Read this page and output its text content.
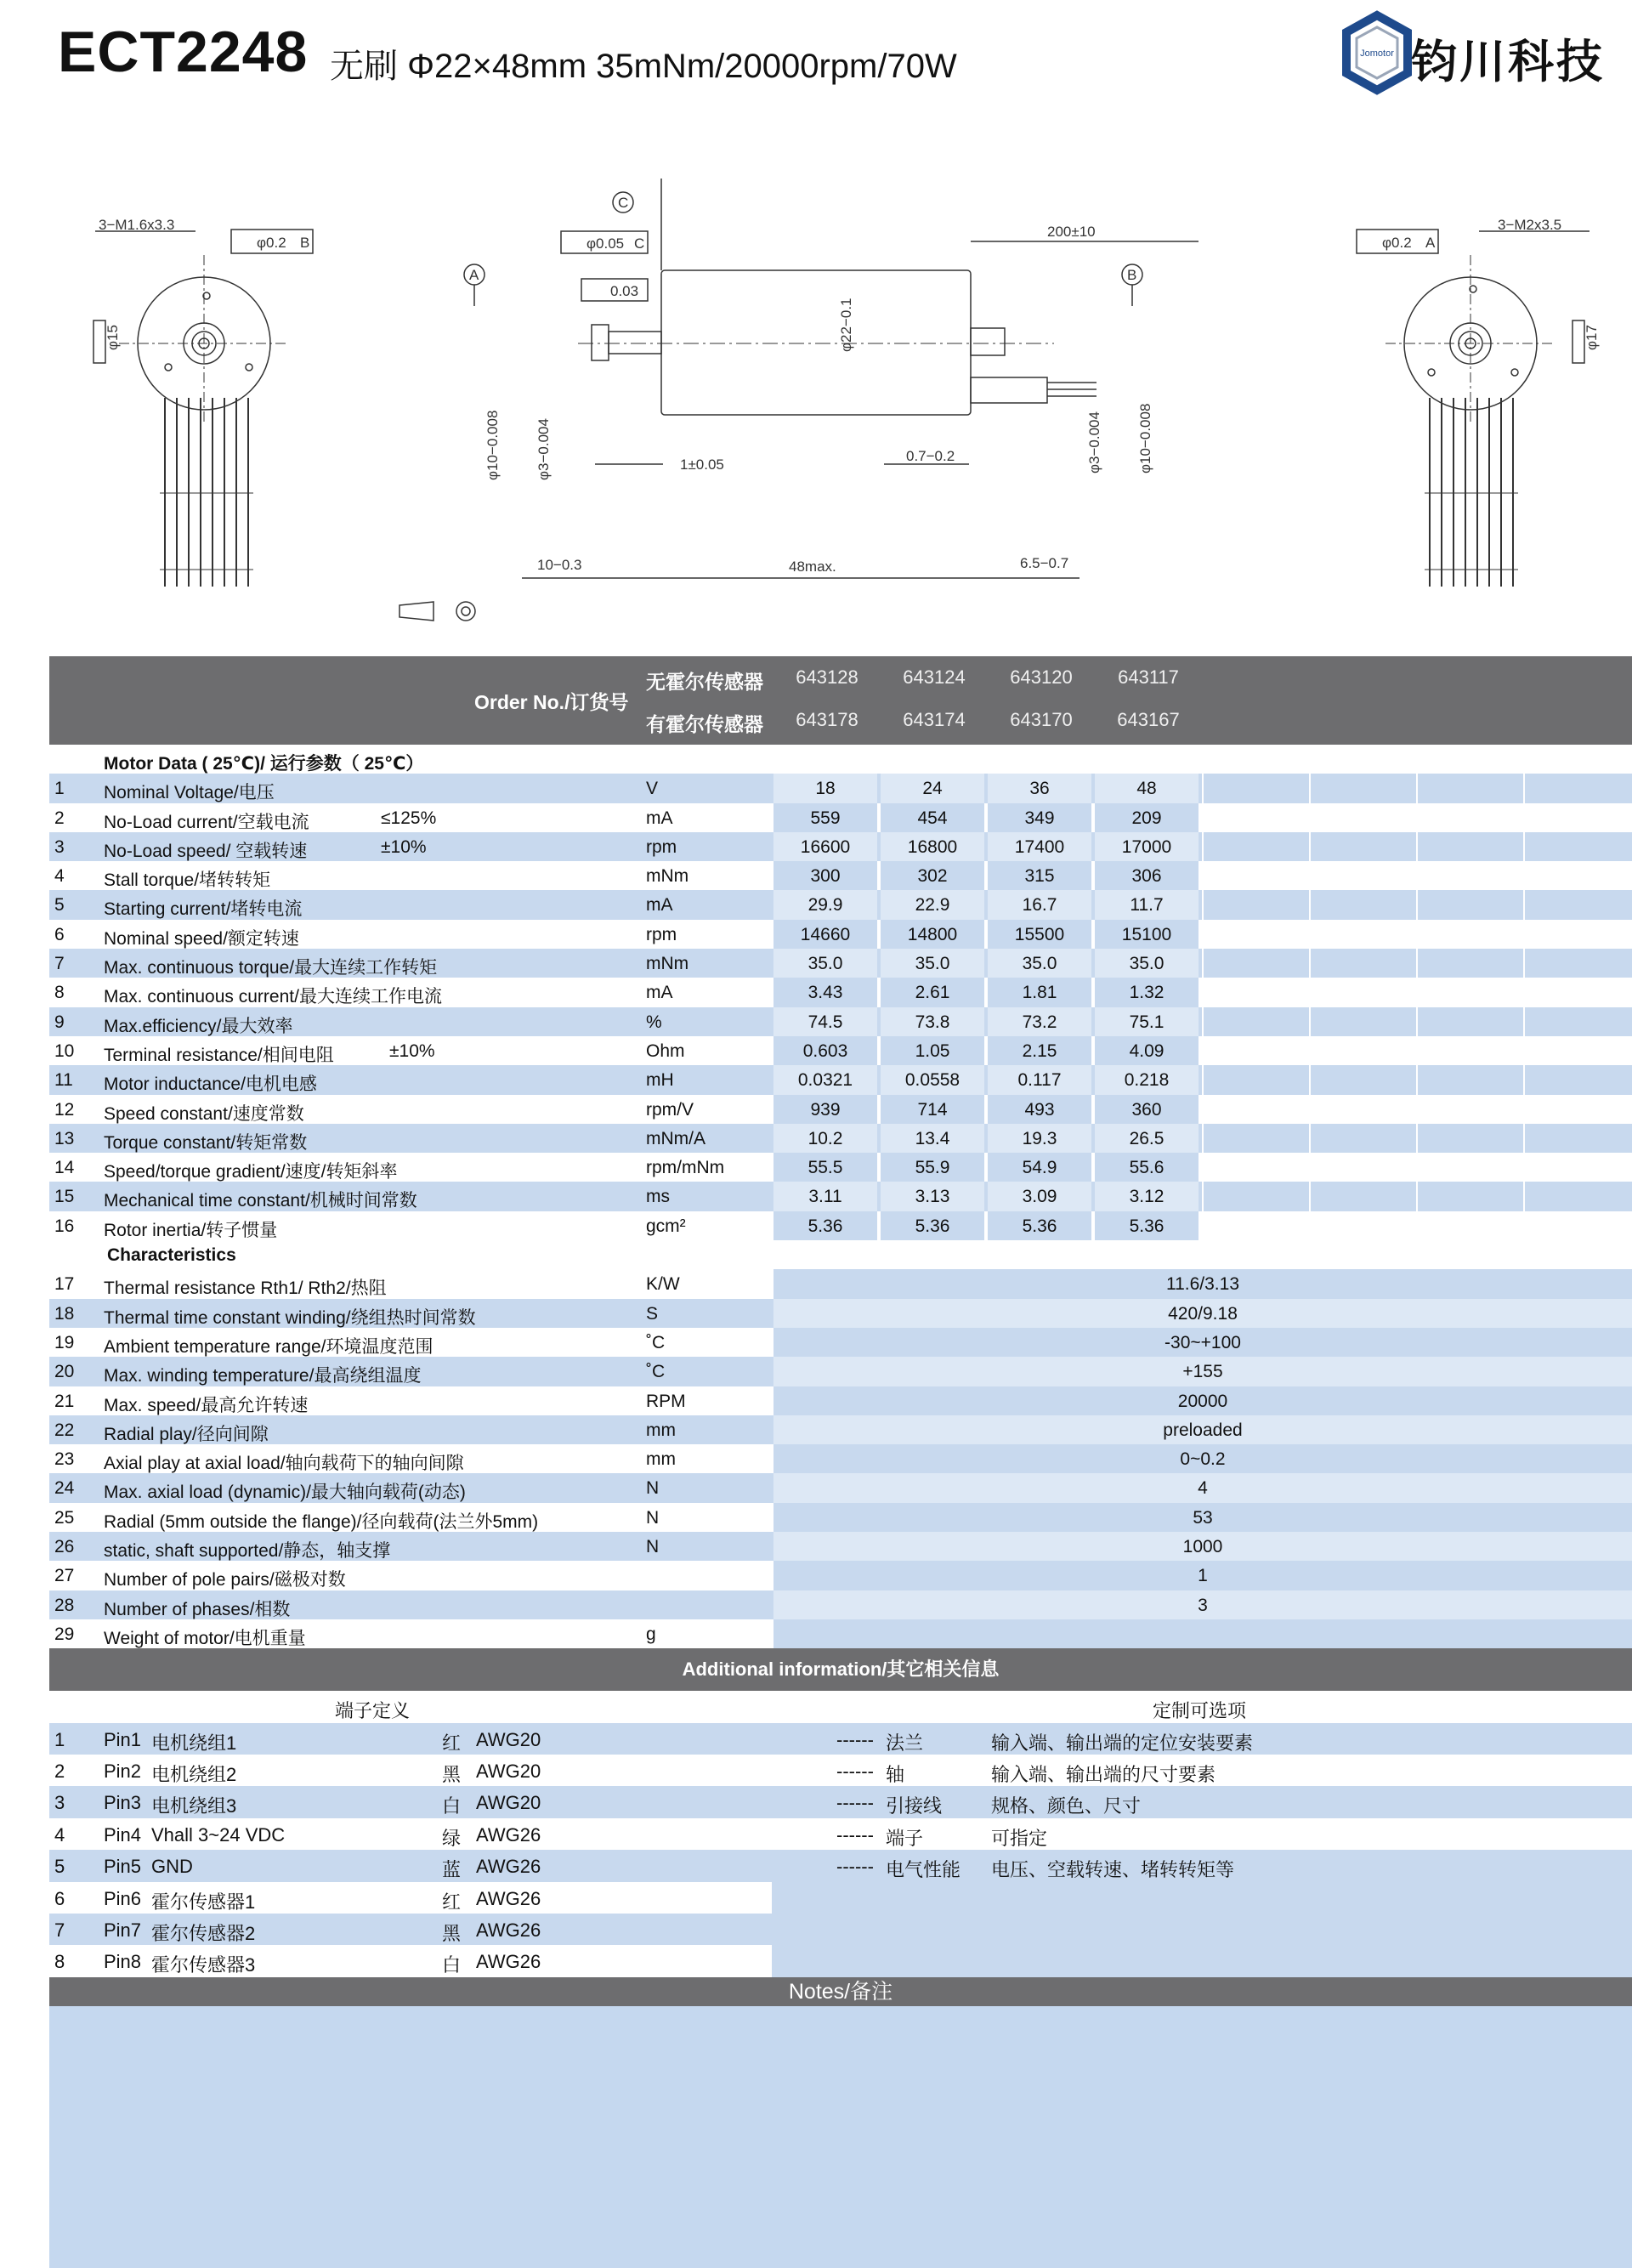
ECT2248 无刷 Φ22×48mm 35mNm/20000rpm/70W	Jomotor 钧川科技
φ15
3−M1.6x3.3
φ0.2 B
C
A	B
φ0.05 C
0.03
200±10
φ22−0.1
φ10−0.008 φ3−0.004	φ3−0.004 φ10−0.008
1±0.05
0.7−0.2
10−0.3	48max.	6.5−0.7
φ17
φ0.2 A
3−M2x3.5
Order No./订货号
无霍尔传感器
有霍尔传感器
643128	643124	643120	643117
643178	643174	643170	643167
Motor Data ( 25℃)/ 运行参数（ 25℃）
1 Nominal Voltage/电压	V	18	24	36	48
2 No-Load current/空载电流	≤125%	mA	559	454	349	209
3 No-Load speed/ 空载转速	±10%	rpm	16600	16800	17400	17000
4 Stall torque/堵转转矩	mNm	300	302	315	306
5 Starting current/堵转电流	mA	29.9	22.9	16.7	11.7
6 Nominal speed/额定转速	rpm	14660	14800	15500	15100
7 Max. continuous torque/最大连续工作转矩	mNm	35.0	35.0	35.0	35.0
8 Max. continuous current/最大连续工作电流	mA	3.43	2.61	1.81	1.32
9 Max.efficiency/最大效率	%	74.5	73.8	73.2	75.1
10 Terminal resistance/相间电阻	±10%	Ohm	0.603	1.05	2.15	4.09
11 Motor inductance/电机电感	mH	0.0321	0.0558	0.117	0.218
12 Speed constant/速度常数	rpm/V	939	714	493	360
13 Torque constant/转矩常数	mNm/A	10.2	13.4	19.3	26.5
14 Speed/torque gradient/速度/转矩斜率	rpm/mNm	55.5	55.9	54.9	55.6
15 Mechanical time constant/机械时间常数	ms	3.11	3.13	3.09	3.12
16 Rotor inertia/转子惯量	gcm²	5.36	5.36	5.36	5.36
Characteristics
17 Thermal resistance Rth1/ Rth2/热阻	K/W	11.6/3.13
18 Thermal time constant winding/绕组热时间常数	S	420/9.18
19 Ambient temperature range/环境温度范围	˚C	-30~+100
20 Max. winding temperature/最高绕组温度	˚C	+155
21 Max. speed/最高允许转速	RPM	20000
22 Radial play/径向间隙	mm	preloaded
23 Axial play at axial load/轴向载荷下的轴向间隙	mm	0~0.2
24 Max. axial load (dynamic)/最大轴向载荷(动态)	N	4
25 Radial (5mm outside the flange)/径向载荷(法兰外5mm)	N	53
26 static, shaft supported/静态，轴支撑	N	1000
27 Number of pole pairs/磁极对数	1
28 Number of phases/相数	3
29 Weight of motor/电机重量	g
Additional information/其它相关信息
端子定义	定制可选项
1 Pin1 电机绕组1	红 AWG20	------ 法兰	输入端、输出端的定位安装要素
2 Pin2 电机绕组2	黑 AWG20	------ 轴	输入端、输出端的尺寸要素
3 Pin3 电机绕组3	白 AWG20	------ 引接线	规格、颜色、尺寸
4 Pin4 Vhall 3~24 VDC	绿 AWG26	------ 端子	可指定
5 Pin5 GND	蓝 AWG26	------ 电气性能 电压、空载转速、堵转转矩等
6 Pin6 霍尔传感器1	红 AWG26
7 Pin7 霍尔传感器2	黑 AWG26
8 Pin8 霍尔传感器3	白 AWG26
Notes/备注
